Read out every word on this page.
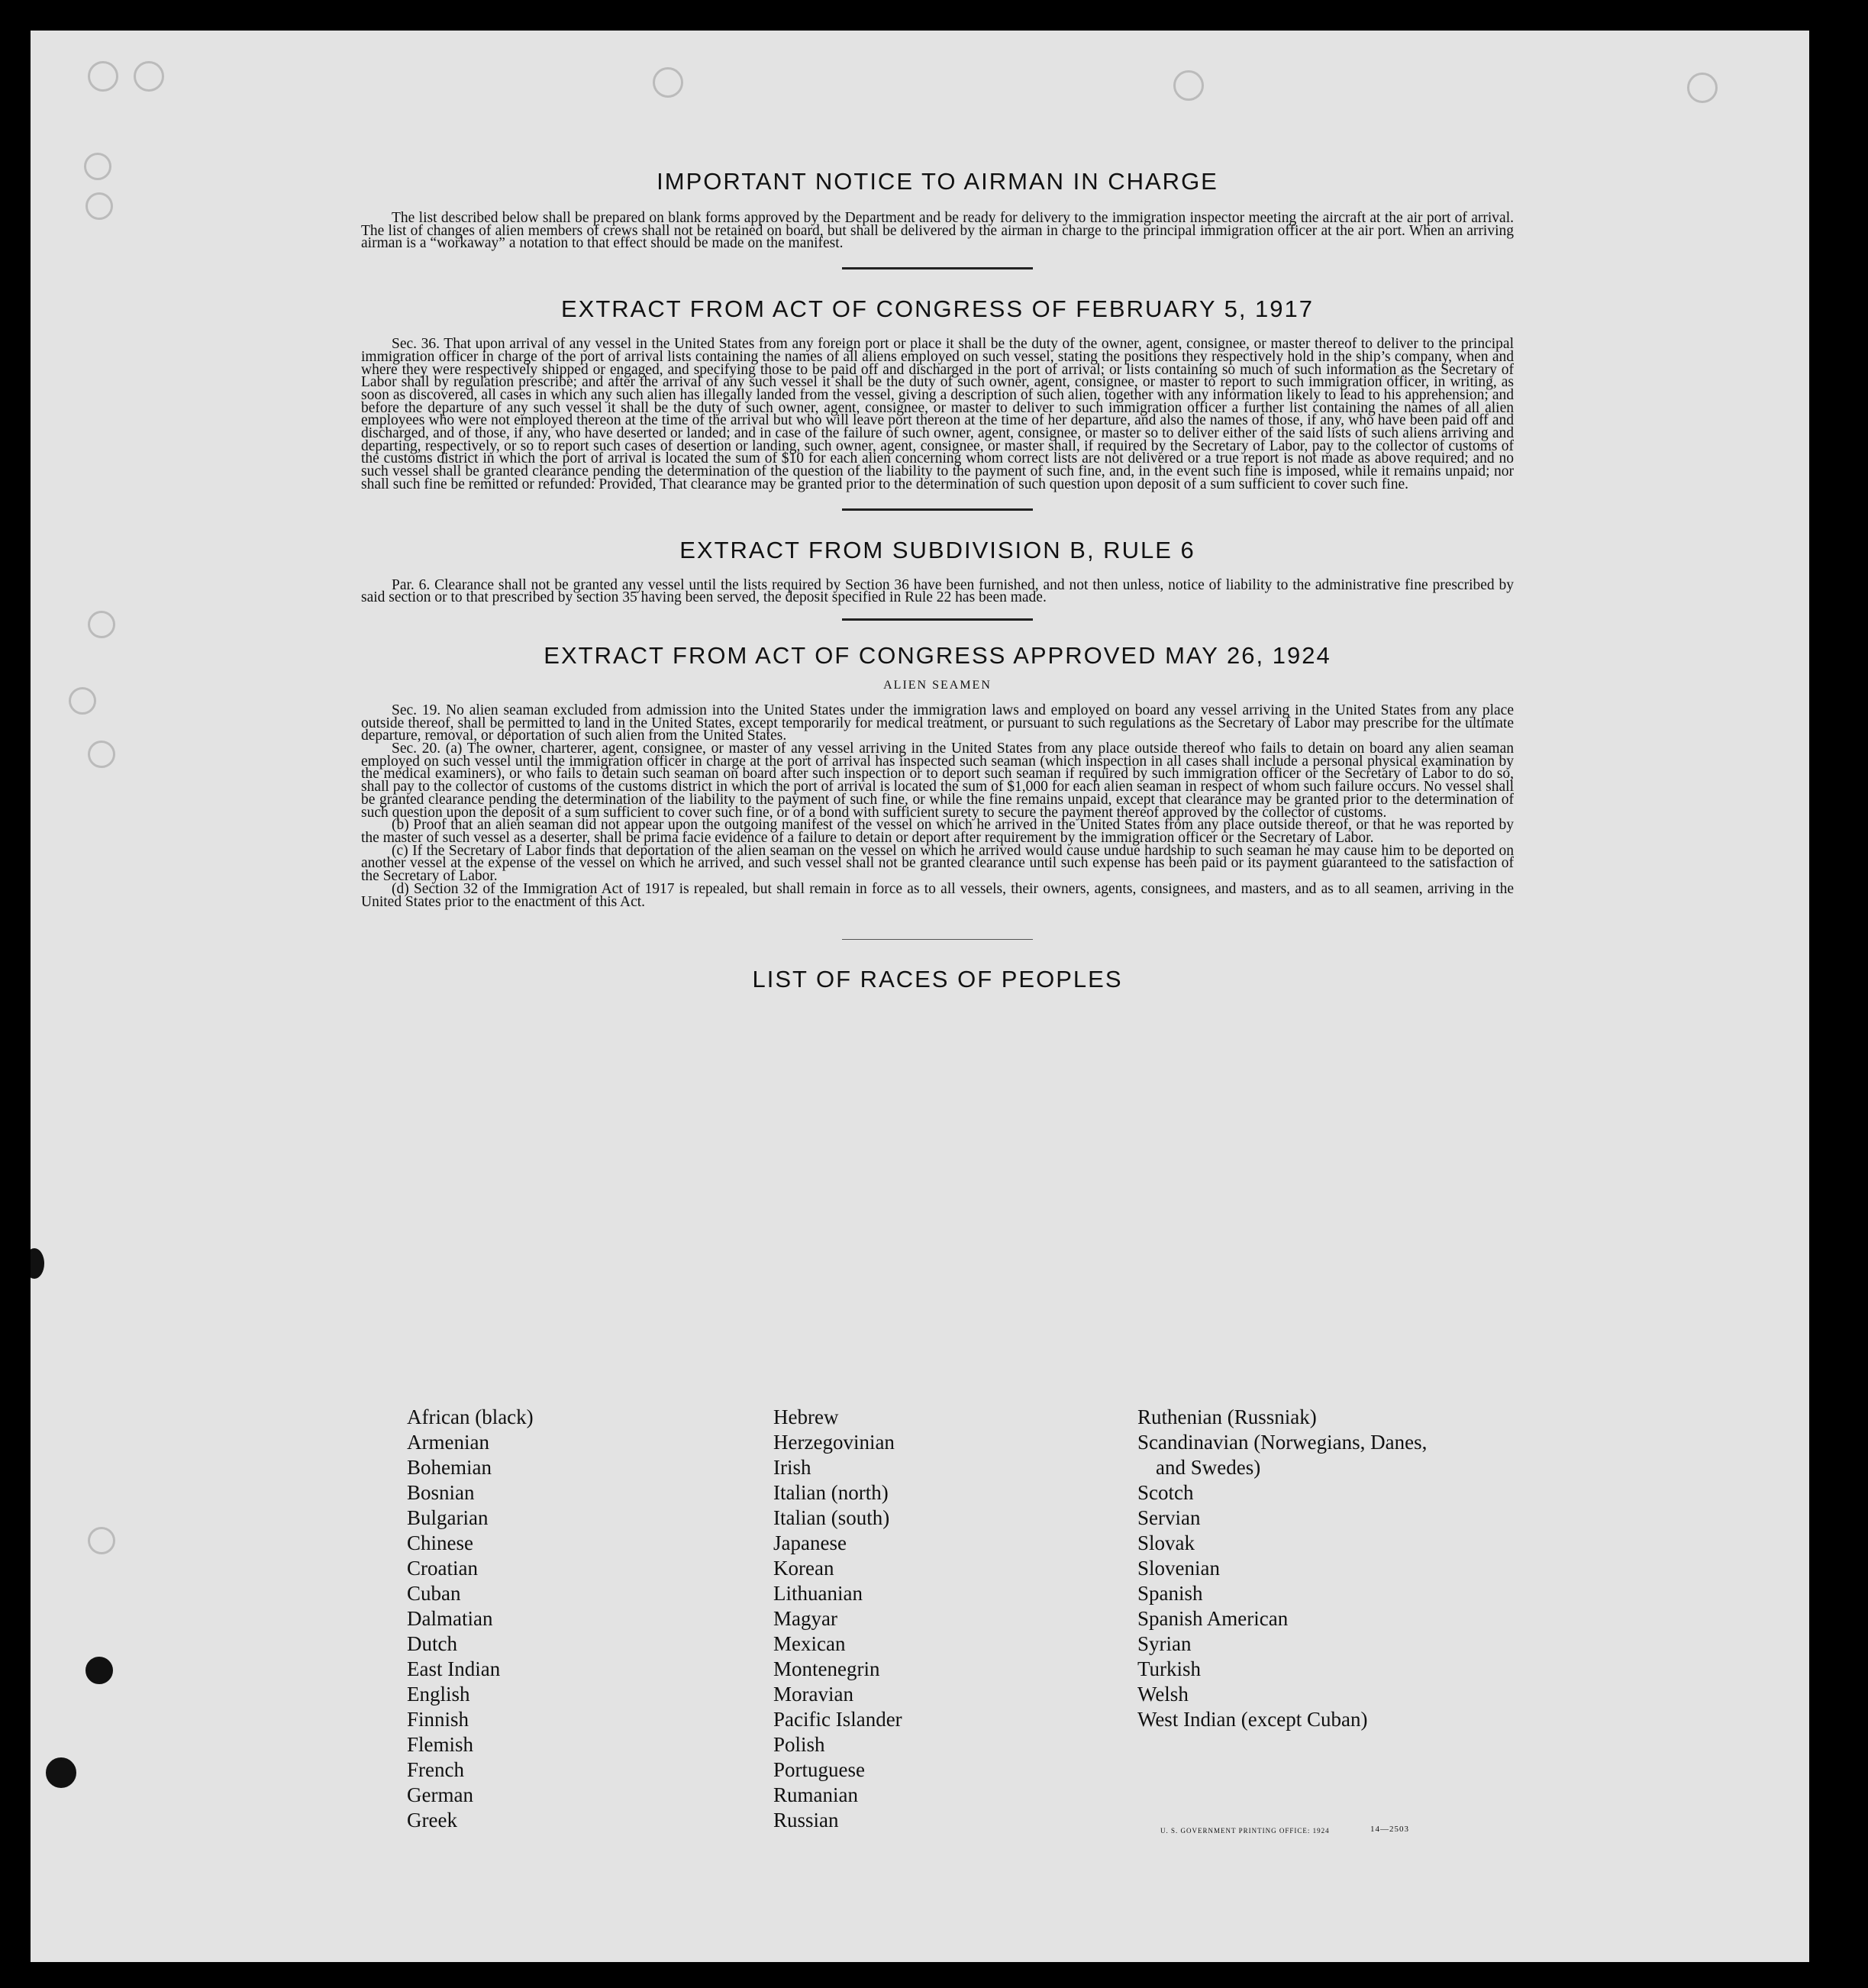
IMPORTANT NOTICE TO AIRMAN IN CHARGE

The list described below shall be prepared on blank forms approved by the Department and be ready for delivery to the immigration inspector meeting the aircraft at the air port of arrival. The list of changes of alien members of crews shall not be retained on board, but shall be delivered by the airman in charge to the principal immigration officer at the air port. When an arriving airman is a “workaway” a notation to that effect should be made on the manifest.

EXTRACT FROM ACT OF CONGRESS OF FEBRUARY 5, 1917

Sec. 36. That upon arrival of any vessel in the United States from any foreign port or place it shall be the duty of the owner, agent, consignee, or master thereof to deliver to the principal immigration officer in charge of the port of arrival lists containing the names of all aliens employed on such vessel, stating the positions they respectively hold in the ship’s company, when and where they were respectively shipped or engaged, and specifying those to be paid off and discharged in the port of arrival; or lists containing so much of such information as the Secretary of Labor shall by regulation prescribe; and after the arrival of any such vessel it shall be the duty of such owner, agent, consignee, or master to report to such immigration officer, in writing, as soon as discovered, all cases in which any such alien has illegally landed from the vessel, giving a description of such alien, together with any information likely to lead to his apprehension; and before the departure of any such vessel it shall be the duty of such owner, agent, consignee, or master to deliver to such immigration officer a further list containing the names of all alien employees who were not employed thereon at the time of the arrival but who will leave port thereon at the time of her departure, and also the names of those, if any, who have been paid off and discharged, and of those, if any, who have deserted or landed; and in case of the failure of such owner, agent, consignee, or master so to deliver either of the said lists of such aliens arriving and departing, respectively, or so to report such cases of desertion or landing, such owner, agent, consignee, or master shall, if required by the Secretary of Labor, pay to the collector of customs of the customs district in which the port of arrival is located the sum of $10 for each alien concerning whom correct lists are not delivered or a true report is not made as above required; and no such vessel shall be granted clearance pending the determination of the question of the liability to the payment of such fine, and, in the event such fine is imposed, while it remains unpaid; nor shall such fine be remitted or refunded: Provided, That clearance may be granted prior to the determination of such question upon deposit of a sum sufficient to cover such fine.

EXTRACT FROM SUBDIVISION B, RULE 6

Par. 6. Clearance shall not be granted any vessel until the lists required by Section 36 have been furnished, and not then unless, notice of liability to the administrative fine prescribed by said section or to that prescribed by section 35 having been served, the deposit specified in Rule 22 has been made.

EXTRACT FROM ACT OF CONGRESS APPROVED MAY 26, 1924

ALIEN SEAMEN

Sec. 19. No alien seaman excluded from admission into the United States under the immigration laws and employed on board any vessel arriving in the United States from any place outside thereof, shall be permitted to land in the United States, except temporarily for medical treatment, or pursuant to such regulations as the Secretary of Labor may prescribe for the ultimate departure, removal, or deportation of such alien from the United States.

Sec. 20. (a) The owner, charterer, agent, consignee, or master of any vessel arriving in the United States from any place outside thereof who fails to detain on board any alien seaman employed on such vessel until the immigration officer in charge at the port of arrival has inspected such seaman (which inspection in all cases shall include a personal physical examination by the medical examiners), or who fails to detain such seaman on board after such inspection or to deport such seaman if required by such immigration officer or the Secretary of Labor to do so, shall pay to the collector of customs of the customs district in which the port of arrival is located the sum of $1,000 for each alien seaman in respect of whom such failure occurs. No vessel shall be granted clearance pending the determination of the liability to the payment of such fine, or while the fine remains unpaid, except that clearance may be granted prior to the determination of such question upon the deposit of a sum sufficient to cover such fine, or of a bond with sufficient surety to secure the payment thereof approved by the collector of customs.

(b) Proof that an alien seaman did not appear upon the outgoing manifest of the vessel on which he arrived in the United States from any place outside thereof, or that he was reported by the master of such vessel as a deserter, shall be prima facie evidence of a failure to detain or deport after requirement by the immigration officer or the Secretary of Labor.

(c) If the Secretary of Labor finds that deportation of the alien seaman on the vessel on which he arrived would cause undue hardship to such seaman he may cause him to be deported on another vessel at the expense of the vessel on which he arrived, and such vessel shall not be granted clearance until such expense has been paid or its payment guaranteed to the satisfaction of the Secretary of Labor.

(d) Section 32 of the Immigration Act of 1917 is repealed, but shall remain in force as to all vessels, their owners, agents, consignees, and masters, and as to all seamen, arriving in the United States prior to the enactment of this Act.

LIST OF RACES OF PEOPLES
African (black)
Armenian
Bohemian
Bosnian
Bulgarian
Chinese
Croatian
Cuban
Dalmatian
Dutch
East Indian
English
Finnish
Flemish
French
German
Greek
Hebrew
Herzegovinian
Irish
Italian (north)
Italian (south)
Japanese
Korean
Lithuanian
Magyar
Mexican
Montenegrin
Moravian
Pacific Islander
Polish
Portuguese
Rumanian
Russian
Ruthenian (Russniak)
Scandinavian (Norwegians, Danes,
and Swedes)
Scotch
Servian
Slovak
Slovenian
Spanish
Spanish American
Syrian
Turkish
Welsh
West Indian (except Cuban)
U. S. GOVERNMENT PRINTING OFFICE: 1924	14—2503
